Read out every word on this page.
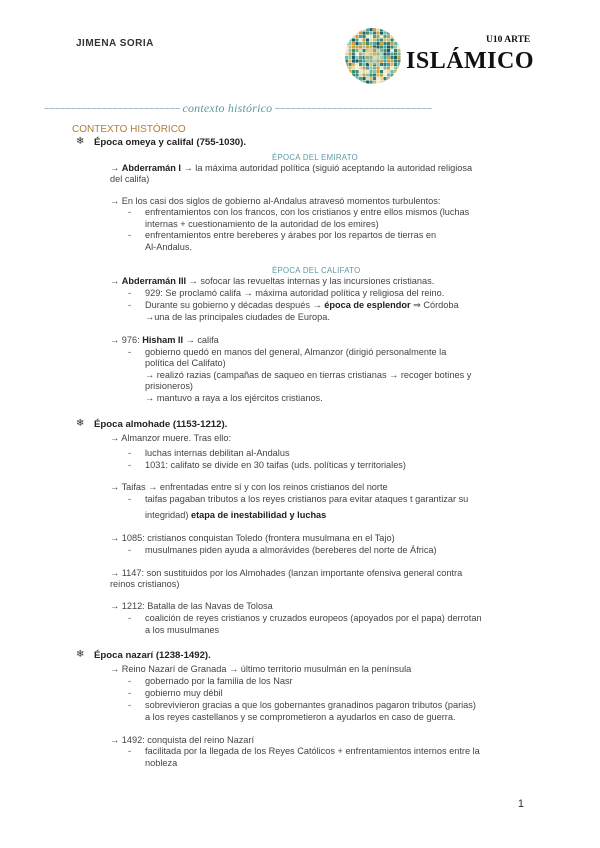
JIMENA SORIA	U10 ARTE
ISLÁMICO
~~~~~~~~~~~~~~~~~~~~~~~~~~ contexto histórico ~~~~~~~~~~~~~~~~~~~~~~~~~~~~~~
CONTEXTO HISTÓRICO
❄ Época omeya y califal (755-1030).
ÉPOCA DEL EMIRATO
→ Abderramán I → la máxima autoridad política (siguió aceptando la autoridad religiosa
del califa)
→ En los casi dos siglos de gobierno al-Andalus atravesó momentos turbulentos:
- enfrentamientos con los francos, con los cristianos y entre ellos mismos (luchas
internas + cuestionamiento de la autoridad de los emires)
- enfrentamientos entre bereberes y árabes por los repartos de tierras en
Al-Andalus.
ÉPOCA DEL CALIFATO
→ Abderramán III → sofocar las revueltas internas y las incursiones cristianas.
- 929: Se proclamó califa → máxima autoridad política y religiosa del reino.
- Durante su gobierno y décadas después → época de esplendor ⇒ Córdoba
→una de las principales ciudades de Europa.
→ 976: Hisham II → califa
- gobierno quedó en manos del general, Almanzor (dirigió personalmente la
política del Califato)
→ realizó razias (campañas de saqueo en tierras cristianas → recoger botines y
prisioneros)
→ mantuvo a raya a los ejércitos cristianos.
❄ Época almohade (1153-1212).
→ Almanzor muere. Tras ello:
- luchas internas debilitan al-Andalus
- 1031: califato se divide en 30 taifas (uds. políticas y territoriales)
→ Taifas → enfrentadas entre sí y con los reinos cristianos del norte
- taifas pagaban tributos a los reyes cristianos para evitar ataques t garantizar su
integridad) etapa de inestabilidad y luchas
→ 1085: cristianos conquistan Toledo (frontera musulmana en el Tajo)
- musulmanes piden ayuda a almorávides (bereberes del norte de África)
→ 1147: son sustituidos por los Almohades (lanzan importante ofensiva general contra
reinos cristianos)
→ 1212: Batalla de las Navas de Tolosa
- coalición de reyes cristianos y cruzados europeos (apoyados por el papa) derrotan
a los musulmanes
❄ Época nazarí (1238-1492).
→ Reino Nazarí de Granada → último territorio musulmán en la península
- gobernado por la familia de los Nasr
- gobierno muy débil
- sobrevivieron gracias a que los gobernantes granadinos pagaron tributos (parias)
a los reyes castellanos y se comprometieron a ayudarlos en caso de guerra.
→ 1492: conquista del reino Nazarí
- facilitada por la llegada de los Reyes Católicos + enfrentamientos internos entre la
nobleza
1
